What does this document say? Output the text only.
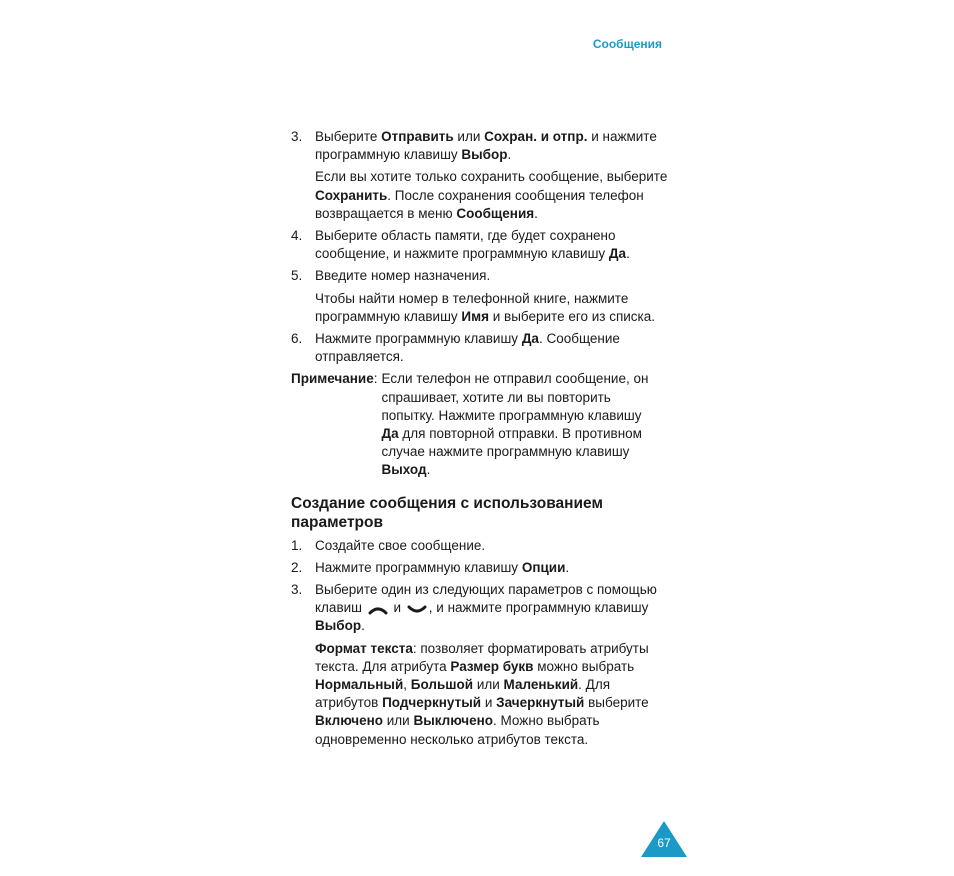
Сообщения
3. Выберите Отправить или Сохран. и отпр. и нажмите программную клавишу Выбор.
Если вы хотите только сохранить сообщение, выберите Сохранить. После сохранения сообщения телефон возвращается в меню Сообщения.
4. Выберите область памяти, где будет сохранено сообщение, и нажмите программную клавишу Да.
5. Введите номер назначения.
Чтобы найти номер в телефонной книге, нажмите программную клавишу Имя и выберите его из списка.
6. Нажмите программную клавишу Да. Сообщение отправляется.
Примечание: Если телефон не отправил сообщение, он спрашивает, хотите ли вы повторить попытку. Нажмите программную клавишу Да для повторной отправки. В противном случае нажмите программную клавишу Выход.
Создание сообщения с использованием параметров
1. Создайте свое сообщение.
2. Нажмите программную клавишу Опции.
3. Выберите один из следующих параметров с помощью клавиш  и , и нажмите программную клавишу Выбор.
Формат текста: позволяет форматировать атрибуты текста. Для атрибута Размер букв можно выбрать Нормальный, Большой или Маленький. Для атрибутов Подчеркнутый и Зачеркнутый выберите Включено или Выключено. Можно выбрать одновременно несколько атрибутов текста.
67
